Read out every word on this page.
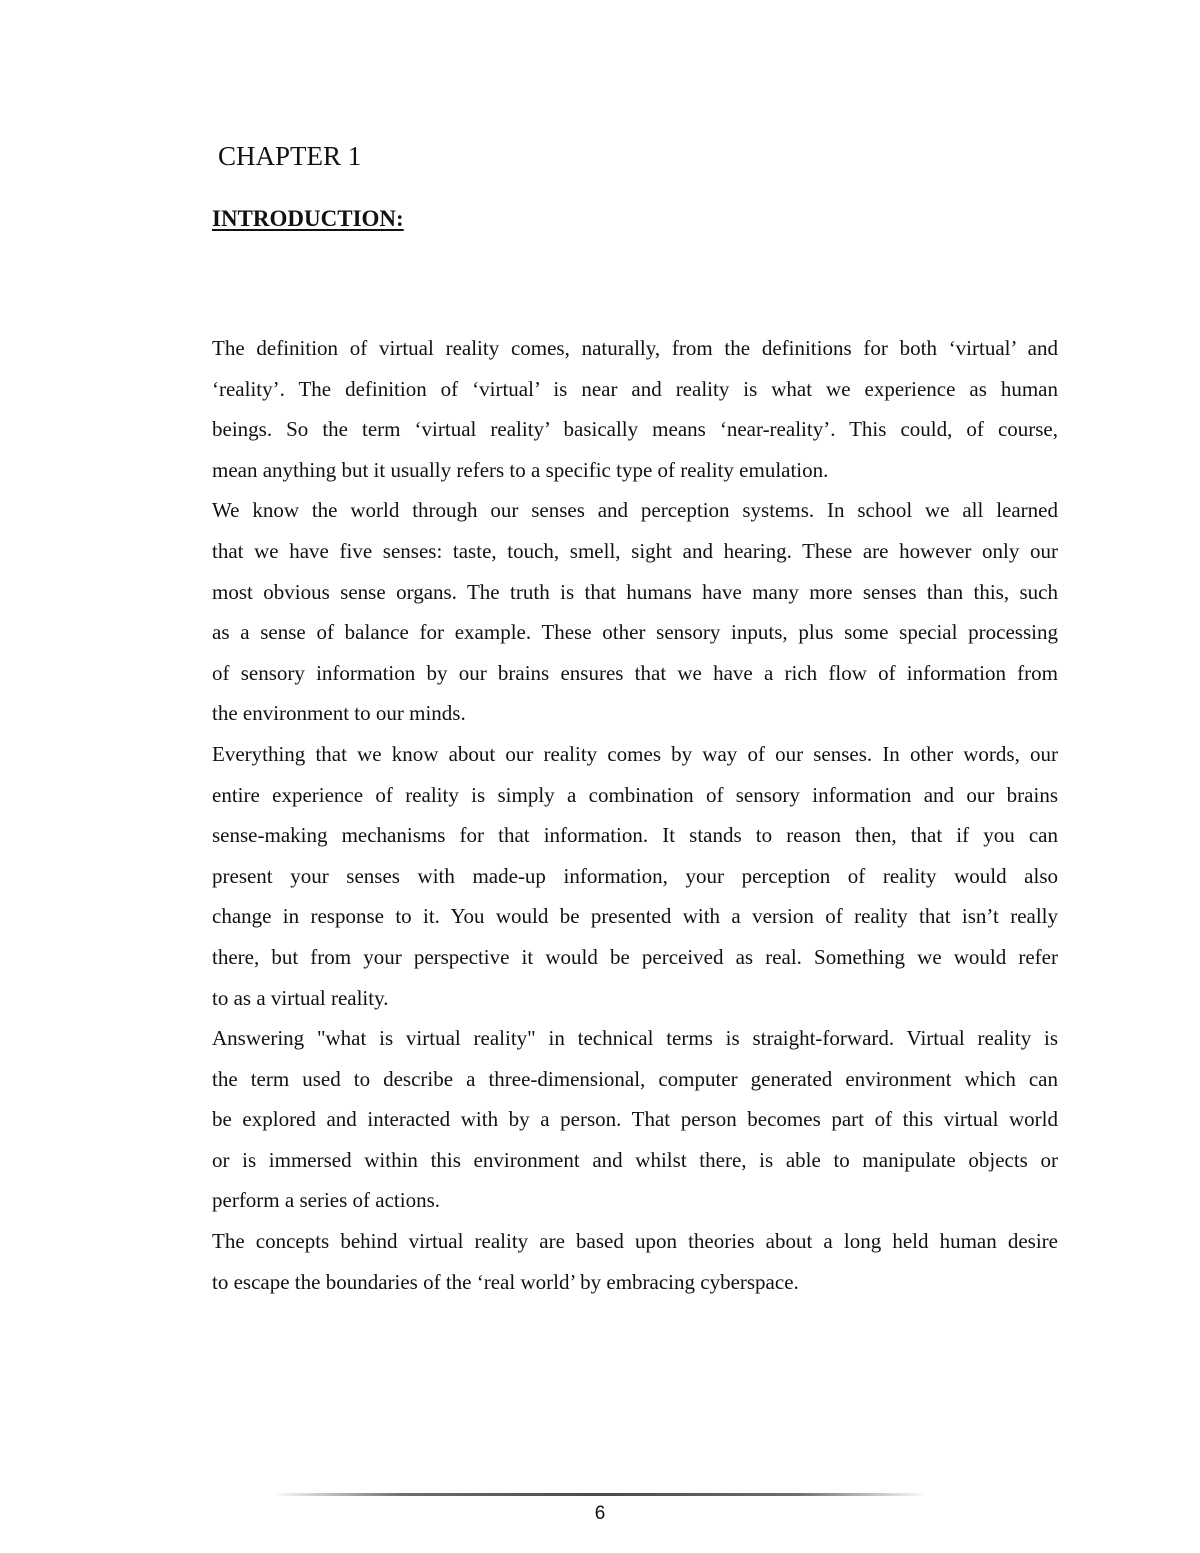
CHAPTER 1
INTRODUCTION:
The definition of virtual reality comes, naturally, from the definitions for both ‘virtual’ and
‘reality’. The definition of ‘virtual’ is near and reality is what we experience as human
beings. So the term ‘virtual reality’ basically means ‘near-reality’. This could, of course,
mean anything but it usually refers to a specific type of reality emulation.
We know the world through our senses and perception systems. In school we all learned
that we have five senses: taste, touch, smell, sight and hearing. These are however only our
most obvious sense organs. The truth is that humans have many more senses than this, such
as a sense of balance for example. These other sensory inputs, plus some special processing
of sensory information by our brains ensures that we have a rich flow of information from
the environment to our minds.
Everything that we know about our reality comes by way of our senses. In other words, our
entire experience of reality is simply a combination of sensory information and our brains
sense-making mechanisms for that information. It stands to reason then, that if you can
present your senses with made-up information, your perception of reality would also
change in response to it. You would be presented with a version of reality that isn’t really
there, but from your perspective it would be perceived as real. Something we would refer
to as a virtual reality.
Answering "what is virtual reality" in technical terms is straight-forward. Virtual reality is
the term used to describe a three-dimensional, computer generated environment which can
be explored and interacted with by a person. That person becomes part of this virtual world
or is immersed within this environment and whilst there, is able to manipulate objects or
perform a series of actions.
The concepts behind virtual reality are based upon theories about a long held human desire
to escape the boundaries of the ‘real world’ by embracing cyberspace.
6
